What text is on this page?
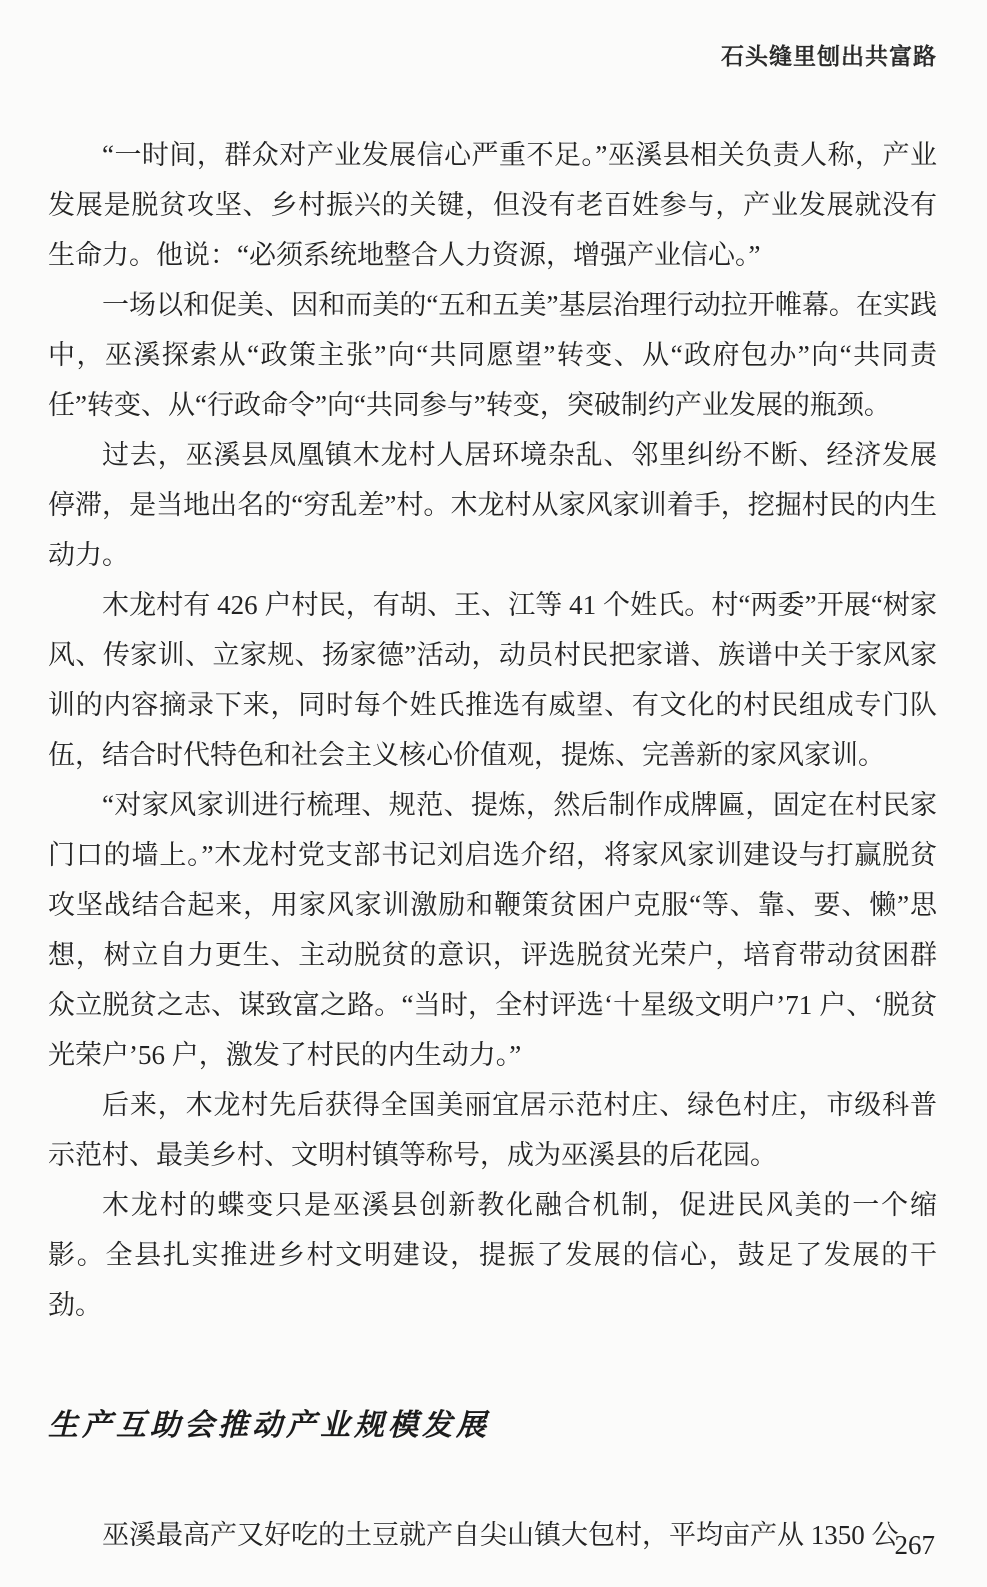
石头缝里刨出共富路

“一时间，群众对产业发展信心严重不足。”巫溪县相关负责人称，产业发展是脱贫攻坚、乡村振兴的关键，但没有老百姓参与，产业发展就没有生命力。他说：“必须系统地整合人力资源，增强产业信心。”

一场以和促美、因和而美的“五和五美”基层治理行动拉开帷幕。在实践中，巫溪探索从“政策主张”向“共同愿望”转变、从“政府包办”向“共同责任”转变、从“行政命令”向“共同参与”转变，突破制约产业发展的瓶颈。

过去，巫溪县凤凰镇木龙村人居环境杂乱、邻里纠纷不断、经济发展停滞，是当地出名的“穷乱差”村。木龙村从家风家训着手，挖掘村民的内生动力。

木龙村有 426 户村民，有胡、王、江等 41 个姓氏。村“两委”开展“树家风、传家训、立家规、扬家德”活动，动员村民把家谱、族谱中关于家风家训的内容摘录下来，同时每个姓氏推选有威望、有文化的村民组成专门队伍，结合时代特色和社会主义核心价值观，提炼、完善新的家风家训。

“对家风家训进行梳理、规范、提炼，然后制作成牌匾，固定在村民家门口的墙上。”木龙村党支部书记刘启选介绍，将家风家训建设与打赢脱贫攻坚战结合起来，用家风家训激励和鞭策贫困户克服“等、靠、要、懒”思想，树立自力更生、主动脱贫的意识，评选脱贫光荣户，培育带动贫困群众立脱贫之志、谋致富之路。“当时，全村评选‘十星级文明户’71 户、‘脱贫光荣户’56 户，激发了村民的内生动力。”

后来，木龙村先后获得全国美丽宜居示范村庄、绿色村庄，市级科普示范村、最美乡村、文明村镇等称号，成为巫溪县的后花园。

木龙村的蝶变只是巫溪县创新教化融合机制，促进民风美的一个缩影。全县扎实推进乡村文明建设，提振了发展的信心，鼓足了发展的干劲。

生产互助会推动产业规模发展

巫溪最高产又好吃的土豆就产自尖山镇大包村，平均亩产从 1350 公

267
